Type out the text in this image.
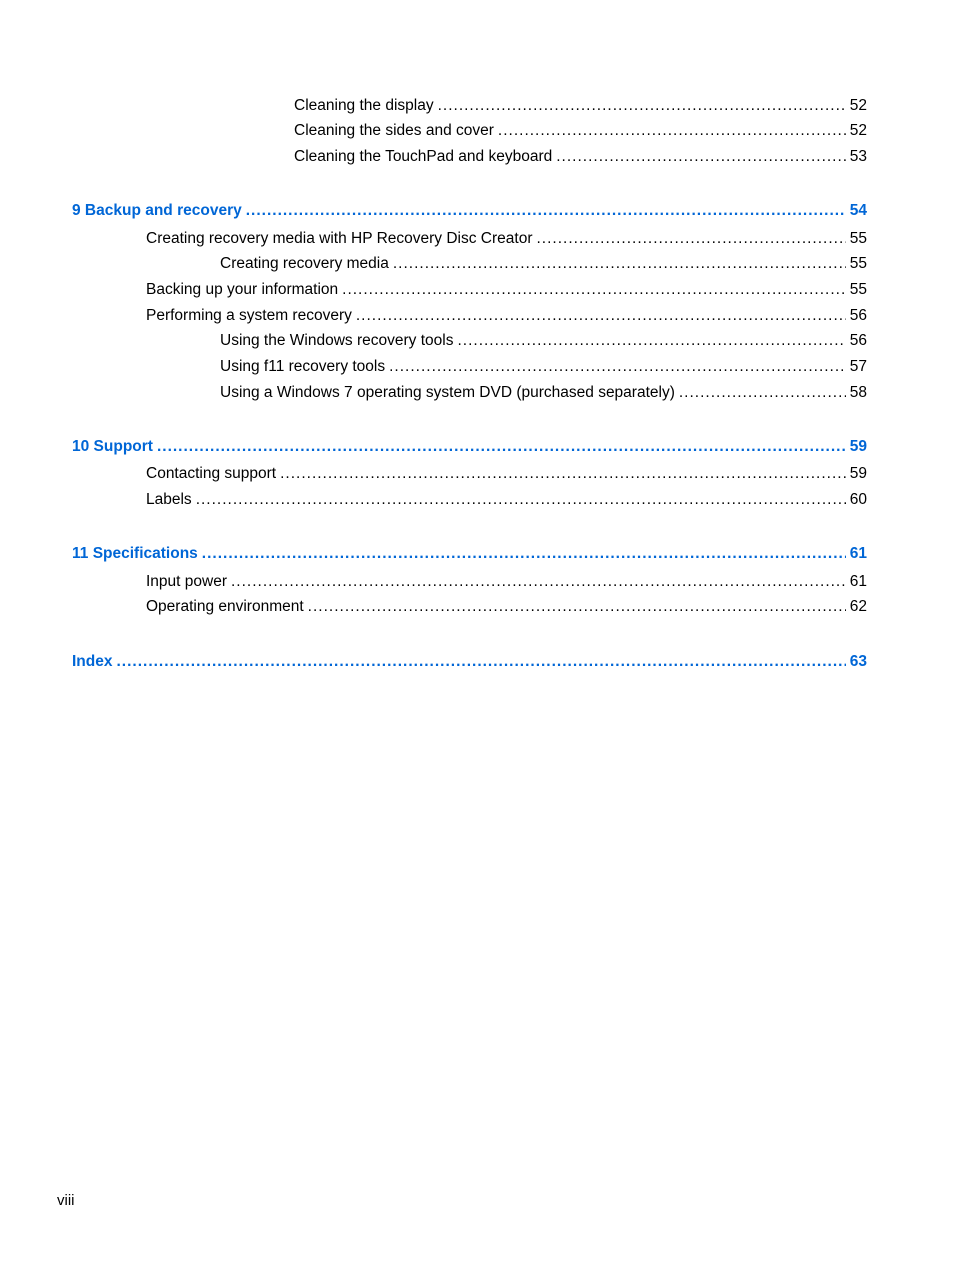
Cleaning the display .....	52
Cleaning the sides and cover .....	52
Cleaning the TouchPad and keyboard .....	53
9 Backup and recovery .....	54
Creating recovery media with HP Recovery Disc Creator .....	55
Creating recovery media .....	55
Backing up your information .....	55
Performing a system recovery .....	56
Using the Windows recovery tools .....	56
Using f11 recovery tools .....	57
Using a Windows 7 operating system DVD (purchased separately) .....	58
10 Support .....	59
Contacting support .....	59
Labels .....	60
11 Specifications .....	61
Input power .....	61
Operating environment .....	62
Index .....	63
viii
